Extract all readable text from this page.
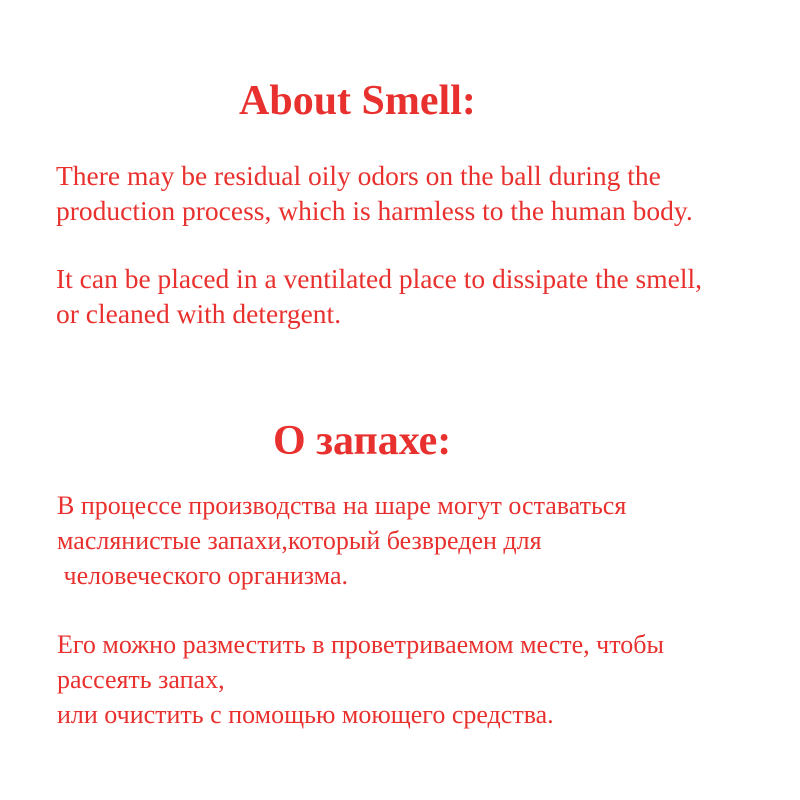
About Smell:

There may be residual oily odors on the ball during the
production process, which is harmless to the human body.

It can be placed in a ventilated place to dissipate the smell,
or cleaned with detergent.

О запахе:

В процессе производства на шаре могут оставаться
маслянистые запахи,который безвреден для
человеческого организма.

Его можно разместить в проветриваемом месте, чтобы
рассеять запах,
или очистить с помощью моющего средства.
